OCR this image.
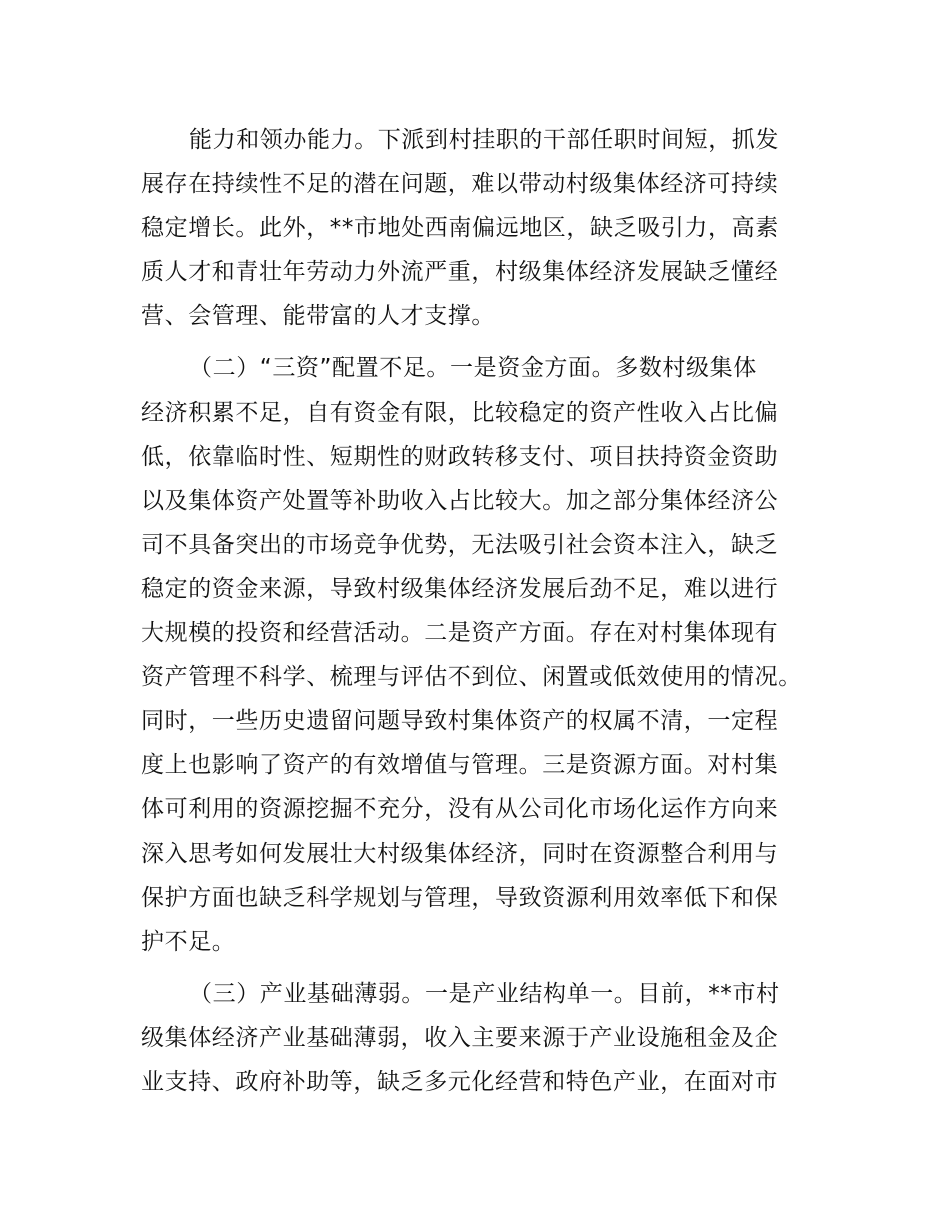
能力和领办能力。下派到村挂职的干部任职时间短，抓发
展存在持续性不足的潜在问题，难以带动村级集体经济可持续
稳定增长。此外，**市地处西南偏远地区，缺乏吸引力，高素
质人才和青壮年劳动力外流严重，村级集体经济发展缺乏懂经
营、会管理、能带富的人才支撑。
（二）“三资”配置不足。一是资金方面。多数村级集体
经济积累不足，自有资金有限，比较稳定的资产性收入占比偏
低，依靠临时性、短期性的财政转移支付、项目扶持资金资助
以及集体资产处置等补助收入占比较大。加之部分集体经济公
司不具备突出的市场竞争优势，无法吸引社会资本注入，缺乏
稳定的资金来源，导致村级集体经济发展后劲不足，难以进行
大规模的投资和经营活动。二是资产方面。存在对村集体现有
资产管理不科学、梳理与评估不到位、闲置或低效使用的情况。
同时，一些历史遗留问题导致村集体资产的权属不清，一定程
度上也影响了资产的有效增值与管理。三是资源方面。对村集
体可利用的资源挖掘不充分，没有从公司化市场化运作方向来
深入思考如何发展壮大村级集体经济，同时在资源整合利用与
保护方面也缺乏科学规划与管理，导致资源利用效率低下和保
护不足。
（三）产业基础薄弱。一是产业结构单一。目前，**市村
级集体经济产业基础薄弱，收入主要来源于产业设施租金及企
业支持、政府补助等，缺乏多元化经营和特色产业，在面对市
